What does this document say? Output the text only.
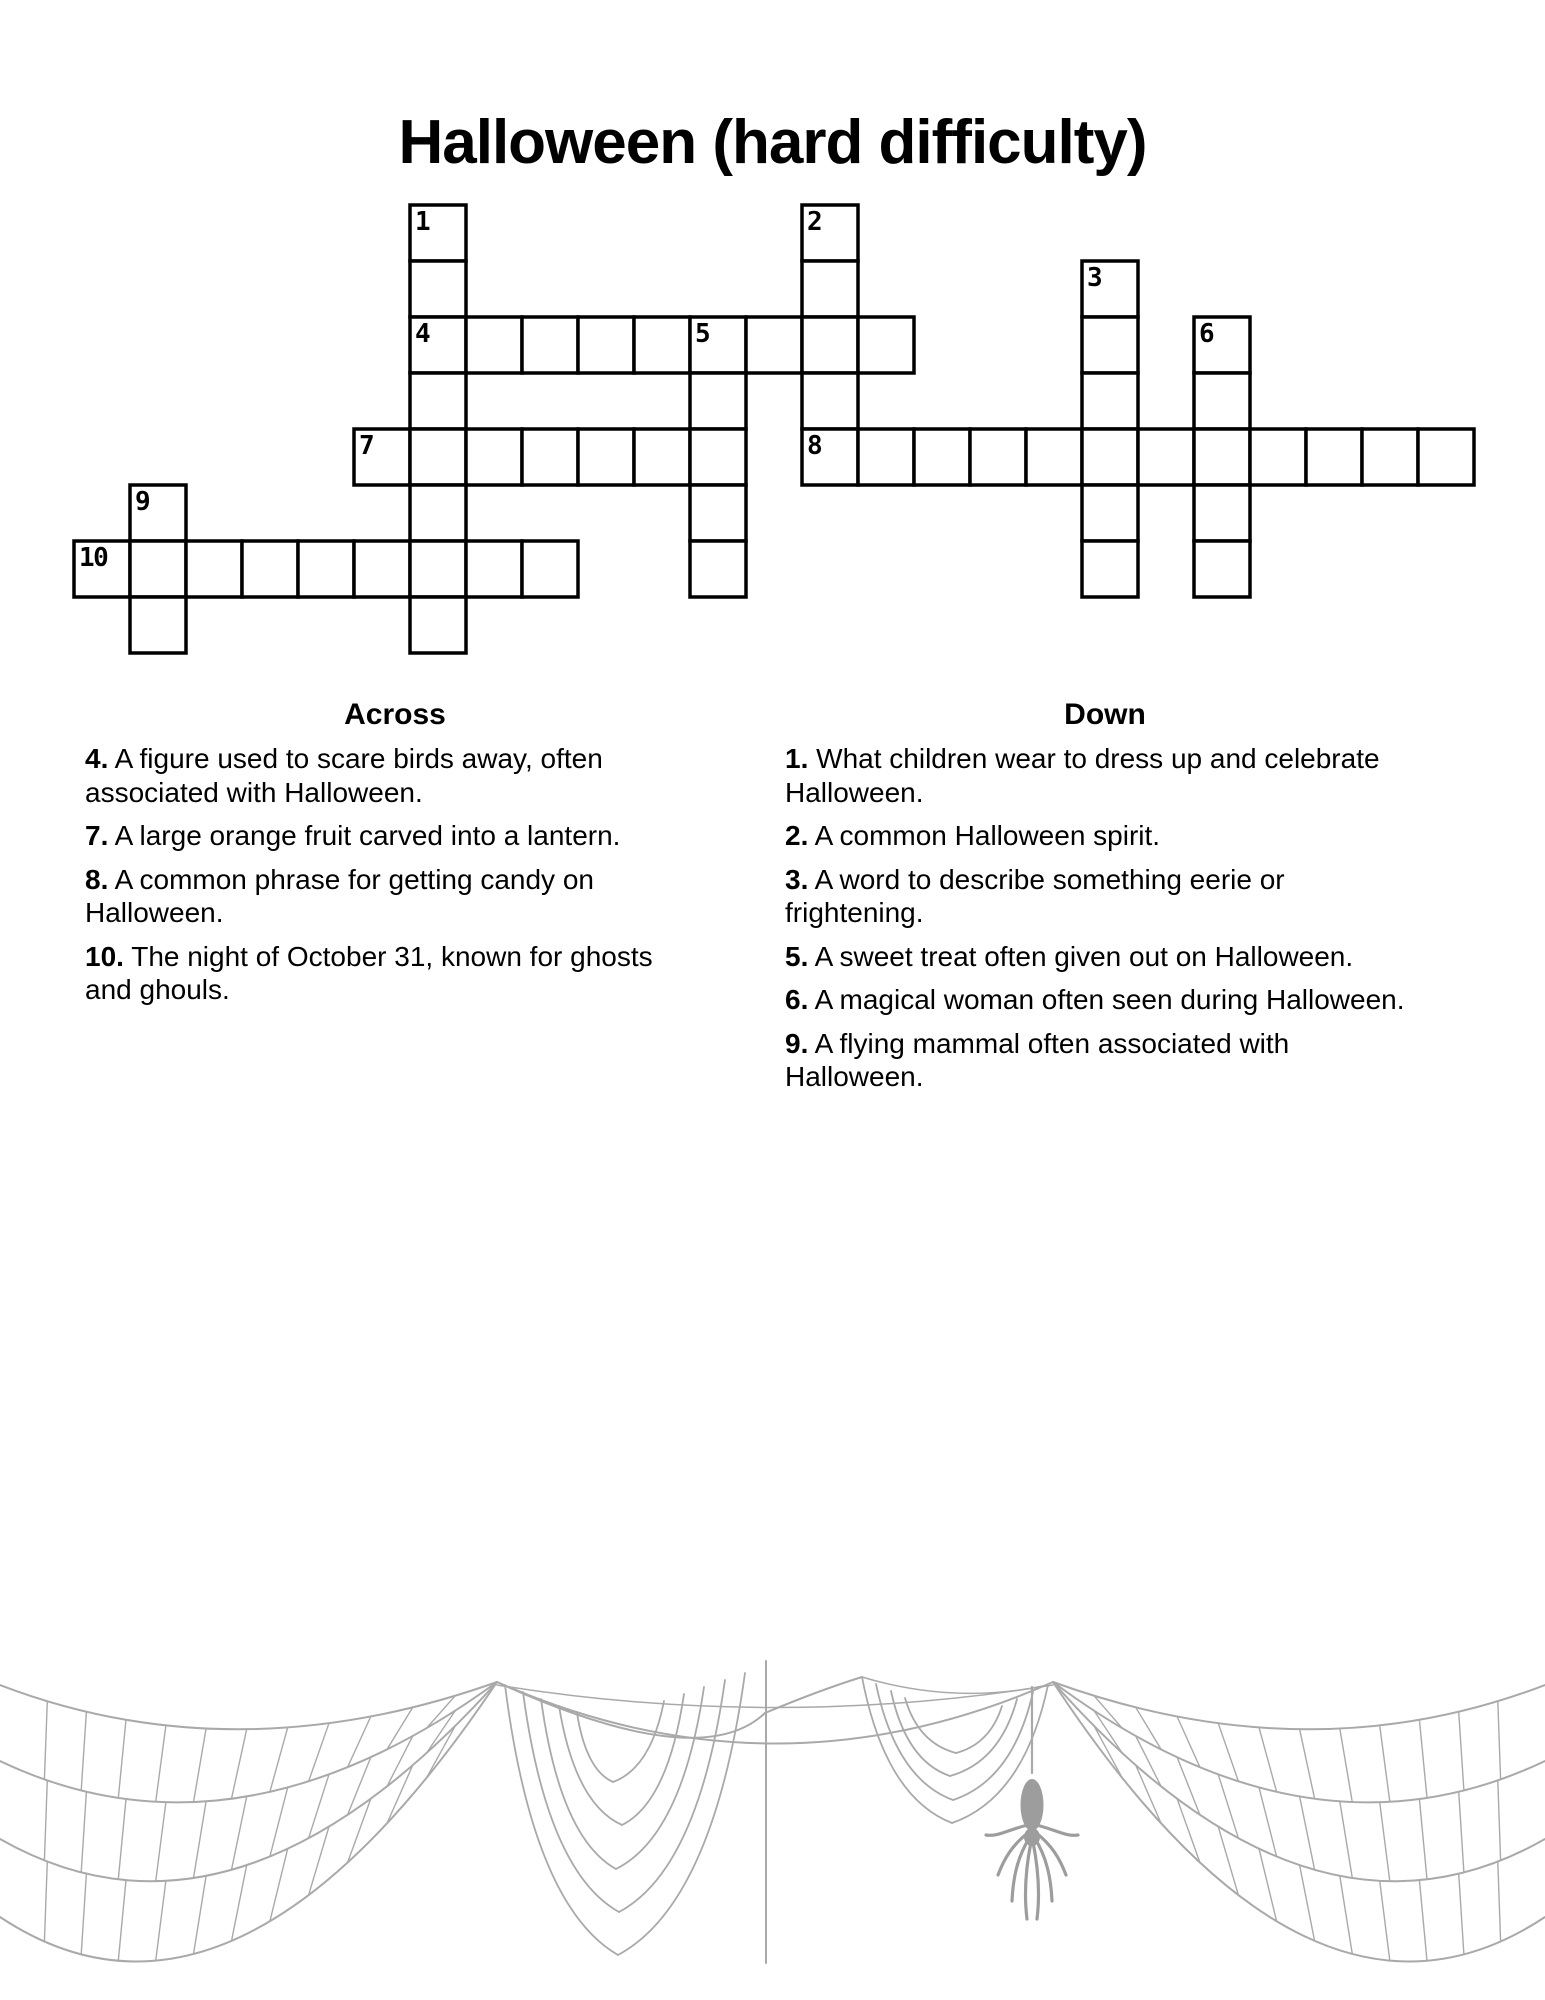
Halloween (hard difficulty)
1	2
3
4	5	6
7	8
9
10

Across

4. A figure used to scare birds away, often associated with Halloween.

7. A large orange fruit carved into a lantern.

8. A common phrase for getting candy on Halloween.

10. The night of October 31, known for ghosts and ghouls.

Down

1. What children wear to dress up and celebrate Halloween.

2. A common Halloween spirit.

3. A word to describe something eerie or frightening.

5. A sweet treat often given out on Halloween.

6. A magical woman often seen during Halloween.

9. A flying mammal often associated with Halloween.
